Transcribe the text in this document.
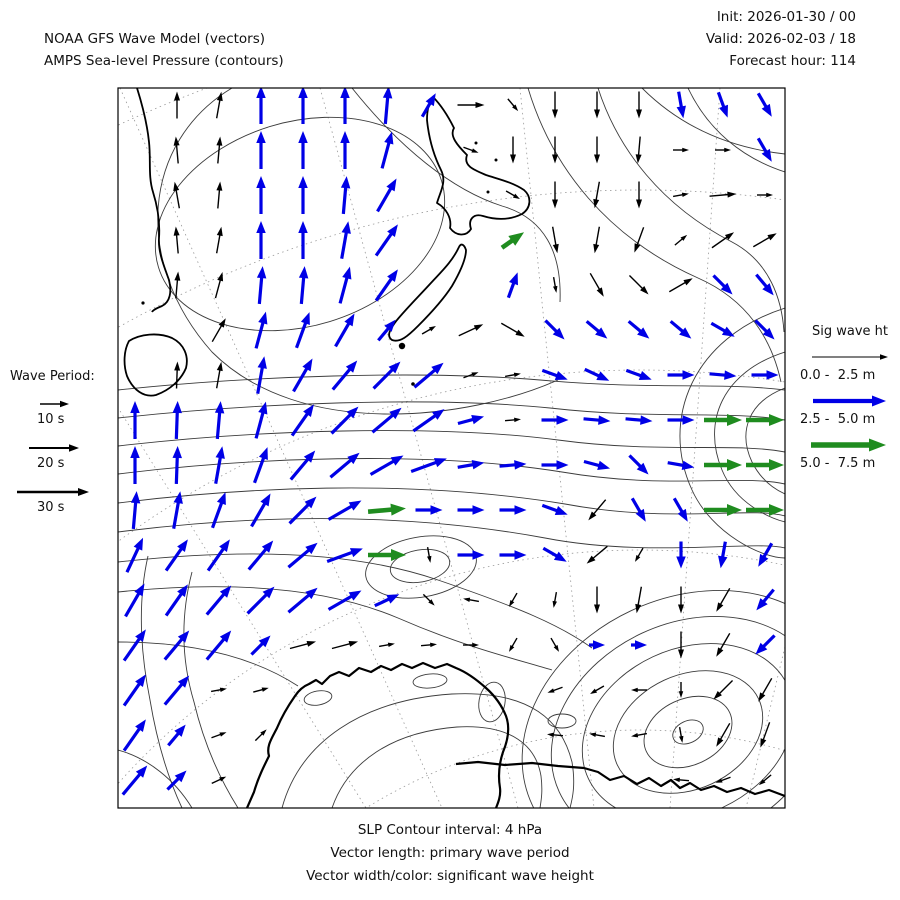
NOAA GFS Wave Model (vectors)
AMPS Sea-level Pressure (contours)
Init: 2026-01-30 / 00
Valid: 2026-02-03 / 18
Forecast hour: 114
Wave Period:
10 s
20 s
30 s
Sig wave ht
0.0 -  2.5 m
2.5 -  5.0 m
5.0 -  7.5 m
SLP Contour interval: 4 hPa
Vector length: primary wave period
Vector width/color: significant wave height
